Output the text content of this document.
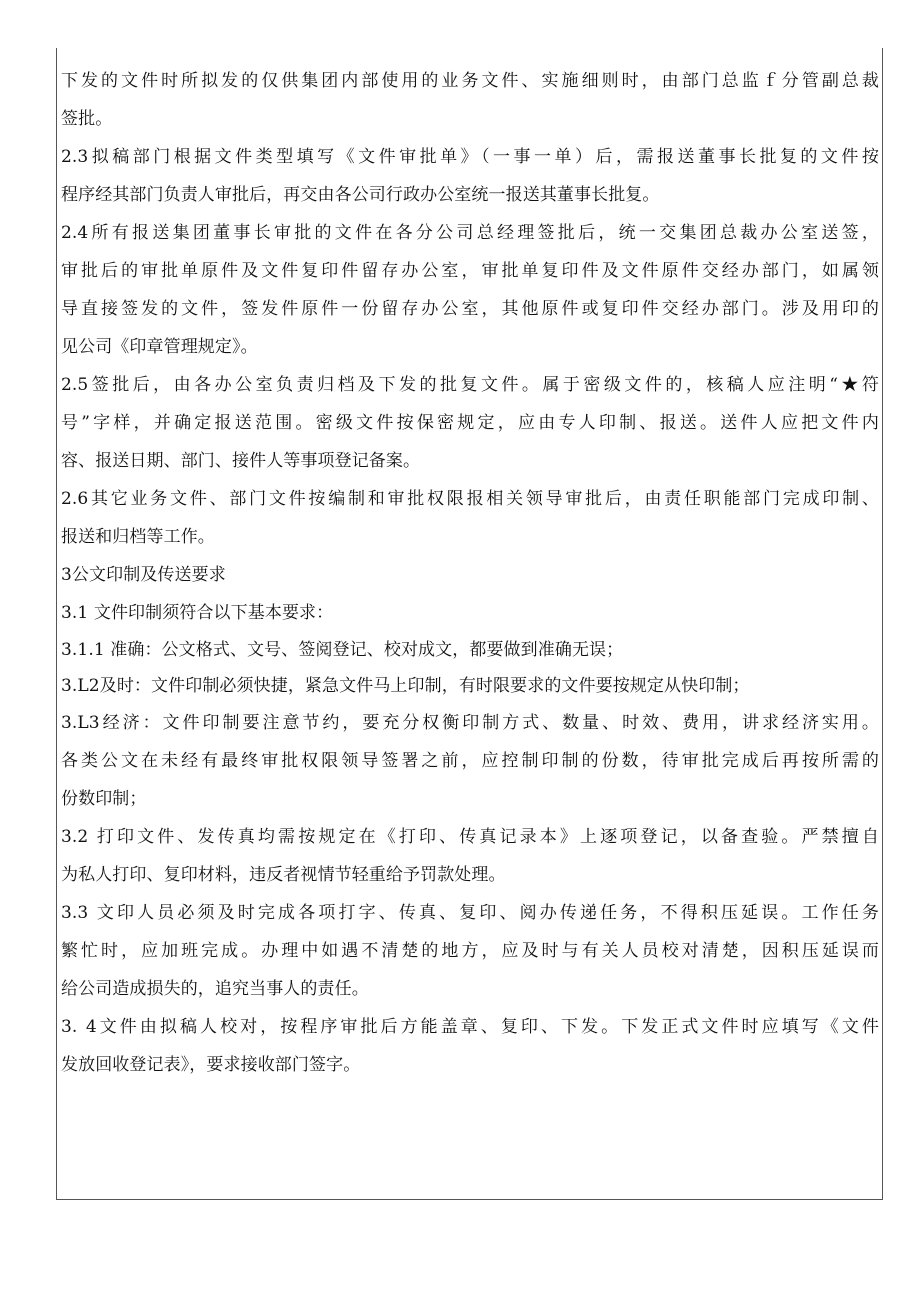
下发的文件时所拟发的仅供集团内部使用的业务文件、实施细则时，由部门总监ｆ分管副总裁
签批。
2.3拟稿部门根据文件类型填写《文件审批单》（一事一单）后，需报送董事长批复的文件按
程序经其部门负责人审批后，再交由各公司行政办公室统一报送其董事长批复。
2.4所有报送集团董事长审批的文件在各分公司总经理签批后，统一交集团总裁办公室送签，
审批后的审批单原件及文件复印件留存办公室，审批单复印件及文件原件交经办部门，如属领
导直接签发的文件，签发件原件一份留存办公室，其他原件或复印件交经办部门。涉及用印的
见公司《印章管理规定》。
2.5签批后，由各办公室负责归档及下发的批复文件。属于密级文件的，核稿人应注明“★符
号”字样，并确定报送范围。密级文件按保密规定，应由专人印制、报送。送件人应把文件内
容、报送日期、部门、接件人等事项登记备案。
2.6其它业务文件、部门文件按编制和审批权限报相关领导审批后，由责任职能部门完成印制、
报送和归档等工作。
3公文印制及传送要求
3.1 文件印制须符合以下基本要求：
3.1.1 准确：公文格式、文号、签阅登记、校对成文，都要做到准确无误；
3.L2及时：文件印制必须快捷，紧急文件马上印制，有时限要求的文件要按规定从快印制；
3.L3经济：文件印制要注意节约，要充分权衡印制方式、数量、时效、费用，讲求经济实用。
各类公文在未经有最终审批权限领导签署之前，应控制印制的份数，待审批完成后再按所需的
份数印制；
3.2 打印文件、发传真均需按规定在《打印、传真记录本》上逐项登记，以备查验。严禁擅自
为私人打印、复印材料，违反者视情节轻重给予罚款处理。
3.3 文印人员必须及时完成各项打字、传真、复印、阅办传递任务，不得积压延误。工作任务
繁忙时，应加班完成。办理中如遇不清楚的地方，应及时与有关人员校对清楚，因积压延误而
给公司造成损失的，追究当事人的责任。
3. 4文件由拟稿人校对，按程序审批后方能盖章、复印、下发。下发正式文件时应填写《文件
发放回收登记表》，要求接收部门签字。
